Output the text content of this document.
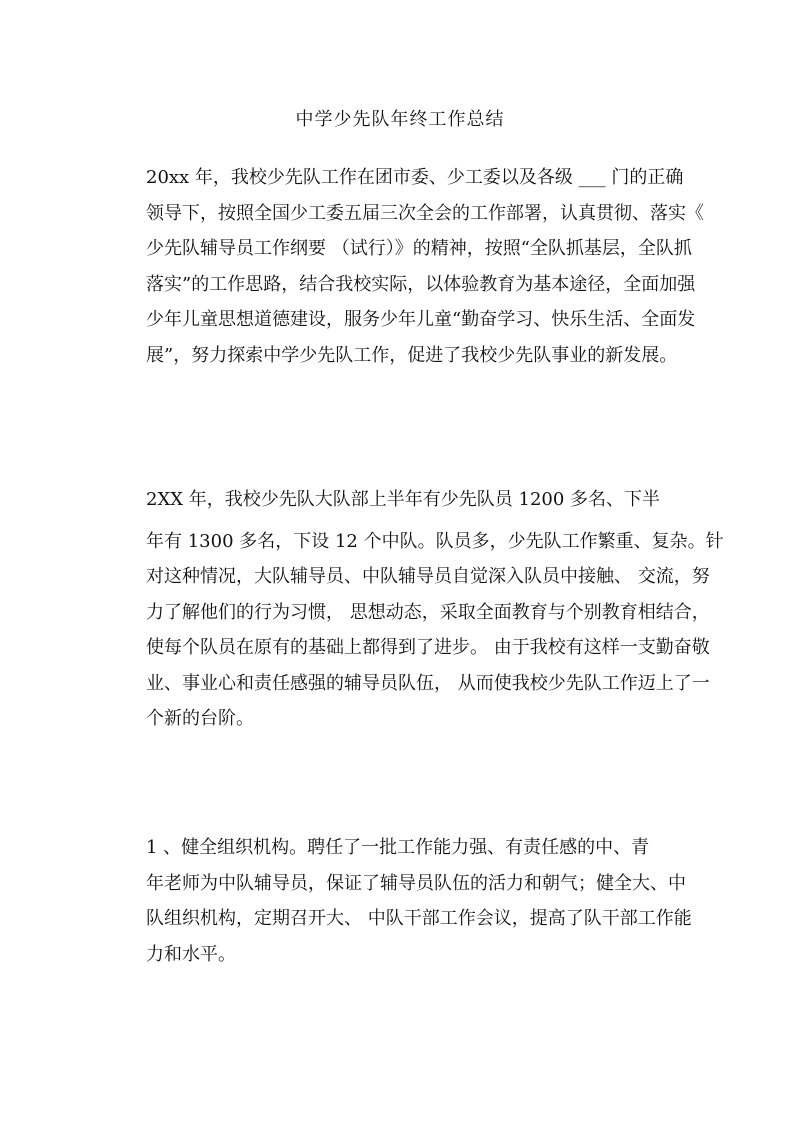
中学少先队年终工作总结
20xx 年，我校少先队工作在团市委、少工委以及各级 ___ 门的正确
领导下，按照全国少工委五届三次全会的工作部署，认真贯彻、落实《
少先队辅导员工作纲要 （试行）》的精神，按照“全队抓基层，全队抓
落实”的工作思路，结合我校实际，以体验教育为基本途径，全面加强
少年儿童思想道德建设，服务少年儿童“勤奋学习、快乐生活、全面发
展”，努力探索中学少先队工作，促进了我校少先队事业的新发展。
2XX 年，我校少先队大队部上半年有少先队员 1200 多名、下半
年有 1300 多名，下设 12 个中队。队员多，少先队工作繁重、复杂。针
对这种情况，大队辅导员、中队辅导员自觉深入队员中接触、 交流，努
力了解他们的行为习惯， 思想动态，采取全面教育与个别教育相结合，
使每个队员在原有的基础上都得到了进步。 由于我校有这样一支勤奋敬
业、事业心和责任感强的辅导员队伍， 从而使我校少先队工作迈上了一
个新的台阶。
1 、健全组织机构。聘任了一批工作能力强、有责任感的中、青
年老师为中队辅导员，保证了辅导员队伍的活力和朝气；健全大、中
队组织机构，定期召开大、 中队干部工作会议，提高了队干部工作能
力和水平。
